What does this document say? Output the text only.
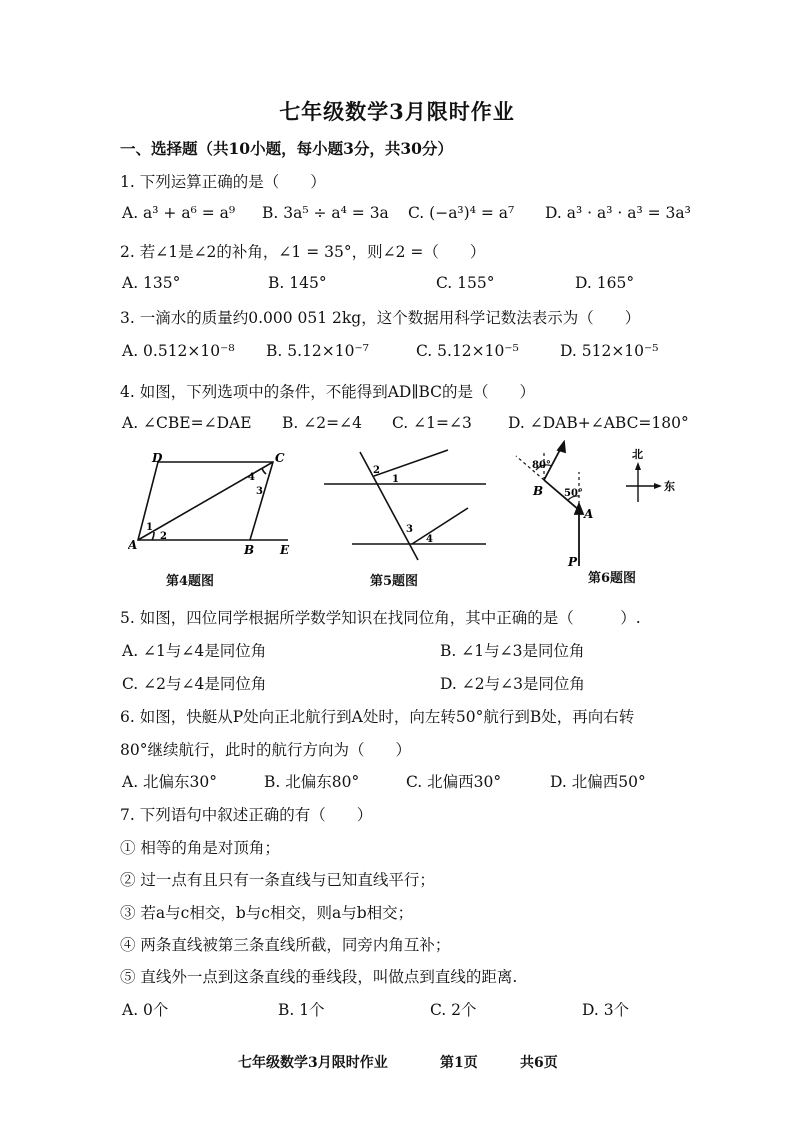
七年级数学3月限时作业
一、选择题（共10小题，每小题3分，共30分）
1. 下列运算正确的是（　　）
A. a³ + a⁶ = a⁹ B. 3a⁵ ÷ a⁴ = 3a C. (−a³)⁴ = a⁷ D. a³ · a³ · a³ = 3a³
2. 若∠1是∠2的补角，∠1 = 35°，则∠2 =（　　）
A. 135°	B. 145°	C. 155°	D. 165°
3. 一滴水的质量约0.000 051 2kg，这个数据用科学记数法表示为（　　）
A. 0.512×10⁻⁸ B. 5.12×10⁻⁷	C. 5.12×10⁻⁵	D. 512×10⁻⁵
4. 如图，下列选项中的条件，不能得到AD∥BC的是（　　）
A. ∠CBE=∠DAE B. ∠2=∠4 C. ∠1=∠3 D. ∠DAB+∠ABC=180°
D	C
A	B E
1
2
3
4
第4题图
2
1
3
4
第5题图
P
A
B
80°
50°
北
东
第6题图
5. 如图，四位同学根据所学数学知识在找同位角，其中正确的是（　　　）.
A. ∠1与∠4是同位角	B. ∠1与∠3是同位角
C. ∠2与∠4是同位角	D. ∠2与∠3是同位角
6. 如图，快艇从P处向正北航行到A处时，向左转50°航行到B处，再向右转
80°继续航行，此时的航行方向为（　　）
A. 北偏东30°	B. 北偏东80°	C. 北偏西30°	D. 北偏西50°
7. 下列语句中叙述正确的有（　　）
① 相等的角是对顶角；
② 过一点有且只有一条直线与已知直线平行；
③ 若a与c相交，b与c相交，则a与b相交；
④ 两条直线被第三条直线所截，同旁内角互补；
⑤ 直线外一点到这条直线的垂线段，叫做点到直线的距离.
A. 0个	B. 1个	C. 2个	D. 3个
七年级数学3月限时作业	第1页	共6页
